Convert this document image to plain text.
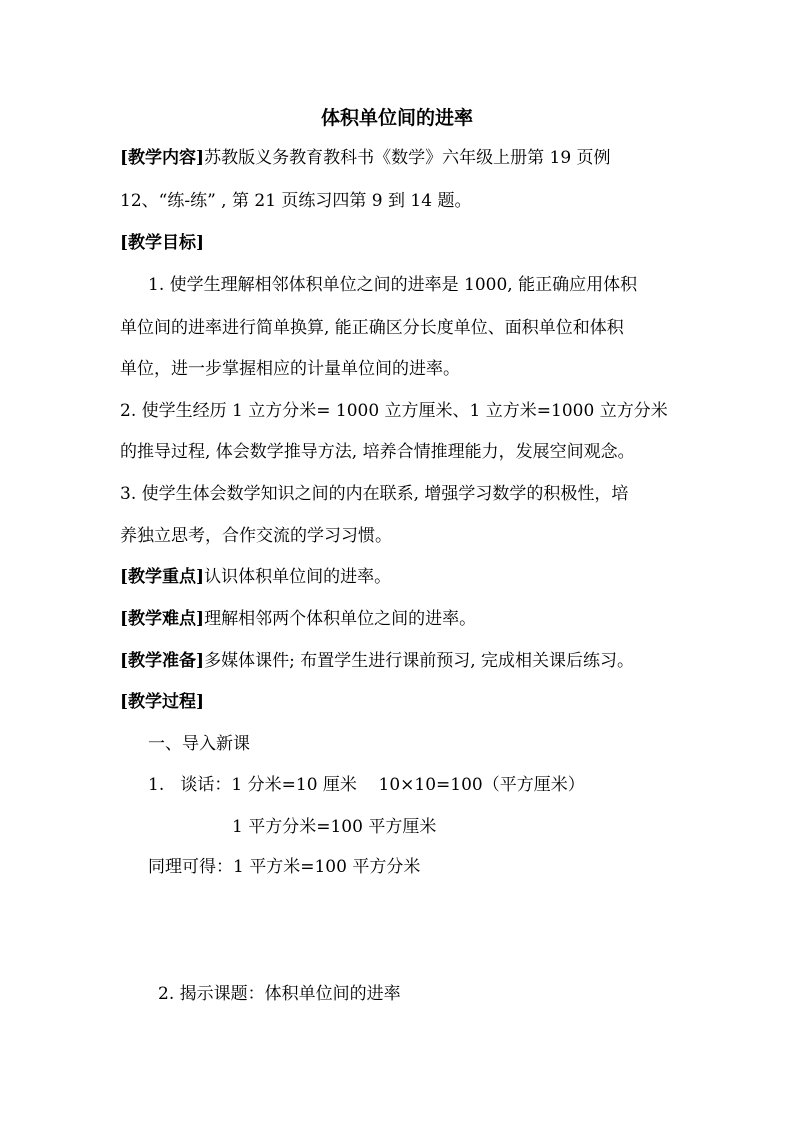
体积单位间的进率
[教学内容]苏教版义务教育教科书《数学》六年级上册第 19 页例
12、“练-练” , 第 21 页练习四第 9 到 14 题。
[教学目标]
1. 使学生理解相邻体积单位之间的进率是 1000, 能正确应用体积
单位间的进率进行简单换算, 能正确区分长度单位、面积单位和体积
单位，进一步掌握相应的计量单位间的进率。
2. 使学生经历 1 立方分米= 1000 立方厘米、1 立方米=1000 立方分米
的推导过程, 体会数学推导方法, 培养合情推理能力，发展空间观念。
3. 使学生体会数学知识之间的内在联系, 增强学习数学的积极性，培
养独立思考，合作交流的学习习惯。
[教学重点]认识体积单位间的进率。
[教学难点]理解相邻两个体积单位之间的进率。
[教学准备]多媒体课件; 布置学生进行课前预习, 完成相关课后练习。
[教学过程]
一、导入新课
1.   谈话：1 分米=10 厘米    10×10=100（平方厘米）
1 平方分米=100 平方厘米
同理可得：1 平方米=100 平方分米
2. 揭示课题：体积单位间的进率
